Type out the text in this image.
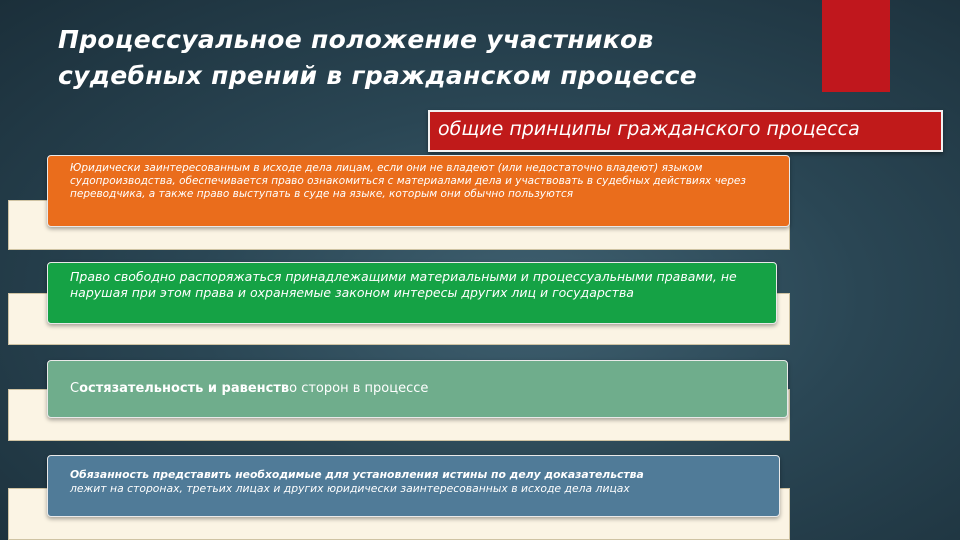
Процессуальное положение участников
судебных прений в гражданском процессе
общие принципы гражданского процесса
Юридически заинтересованным в исходе дела лицам, если они не владеют (или недостаточно владеют) языком судопроизводства, обеспечивается право ознакомиться с материалами дела и участвовать в судебных действиях через переводчика, а также право выступать в суде на языке, которым они обычно пользуются
Право свободно распоряжаться принадлежащими материальными и процессуальными правами, не нарушая при этом права и охраняемые законом интересы других лиц и государства
Состязательность и равенство сторон в процессе
Обязанность представить необходимые для установления истины по делу доказательства
лежит на сторонах, третьих лицах и других юридически заинтересованных в исходе дела лицах
